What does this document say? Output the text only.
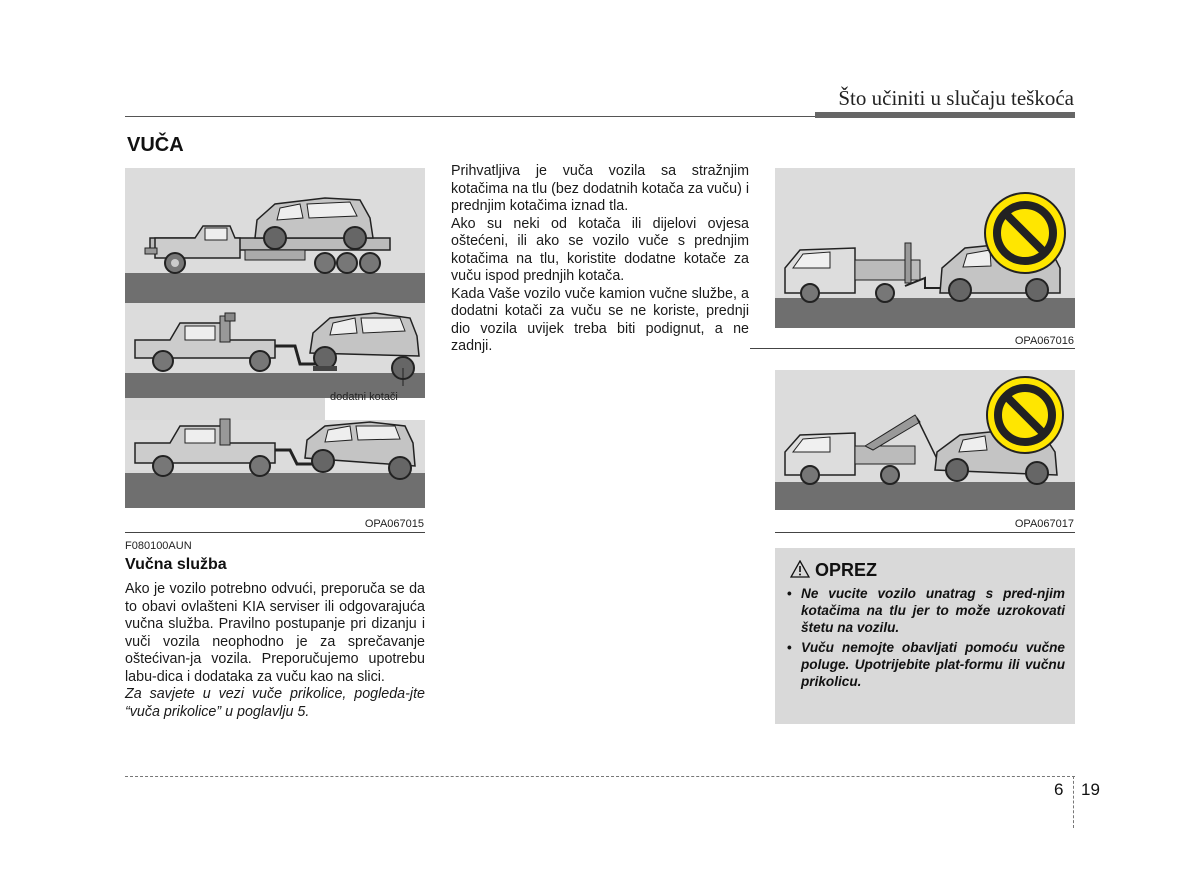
Što učiniti u slučaju teškoća
VUČA
dodatni kotači
OPA067015
F080100AUN
Vučna služba

Ako je vozilo potrebno odvući, preporuča se da to obavi ovlašteni KIA serviser ili odgovarajuća vučna služba. Pravilno postupanje pri dizanju i vuči vozila neophodno je za sprečavanje oštećivan-ja vozila. Preporučujemo upotrebu labu-dica i dodataka za vuču kao na slici.

Za savjete u vezi vuče prikolice, pogleda-jte “vuča prikolice” u poglavlju 5.

Prihvatljiva je vuča vozila sa stražnjim kotačima na tlu (bez dodatnih kotača za vuču) i prednjim kotačima iznad tla.

Ako su neki od kotača ili dijelovi ovjesa oštećeni, ili ako se vozilo vuče s prednjim kotačima na tlu, koristite dodatne kotače za vuču ispod prednjih kotača.

Kada Vaše vozilo vuče kamion vučne službe, a dodatni kotači za vuču se ne koriste, prednji dio vozila uvijek treba biti podignut, a ne zadnji.	OPA067016
OPA067017
OPREZ
• Ne vucite vozilo unatrag s pred-njim kotačima na tlu jer to može uzrokovati štetu na vozilu.
• Vuču nemojte obavljati pomoću vučne poluge. Upotrijebite plat-formu ili vučnu prikolicu.
6 19
